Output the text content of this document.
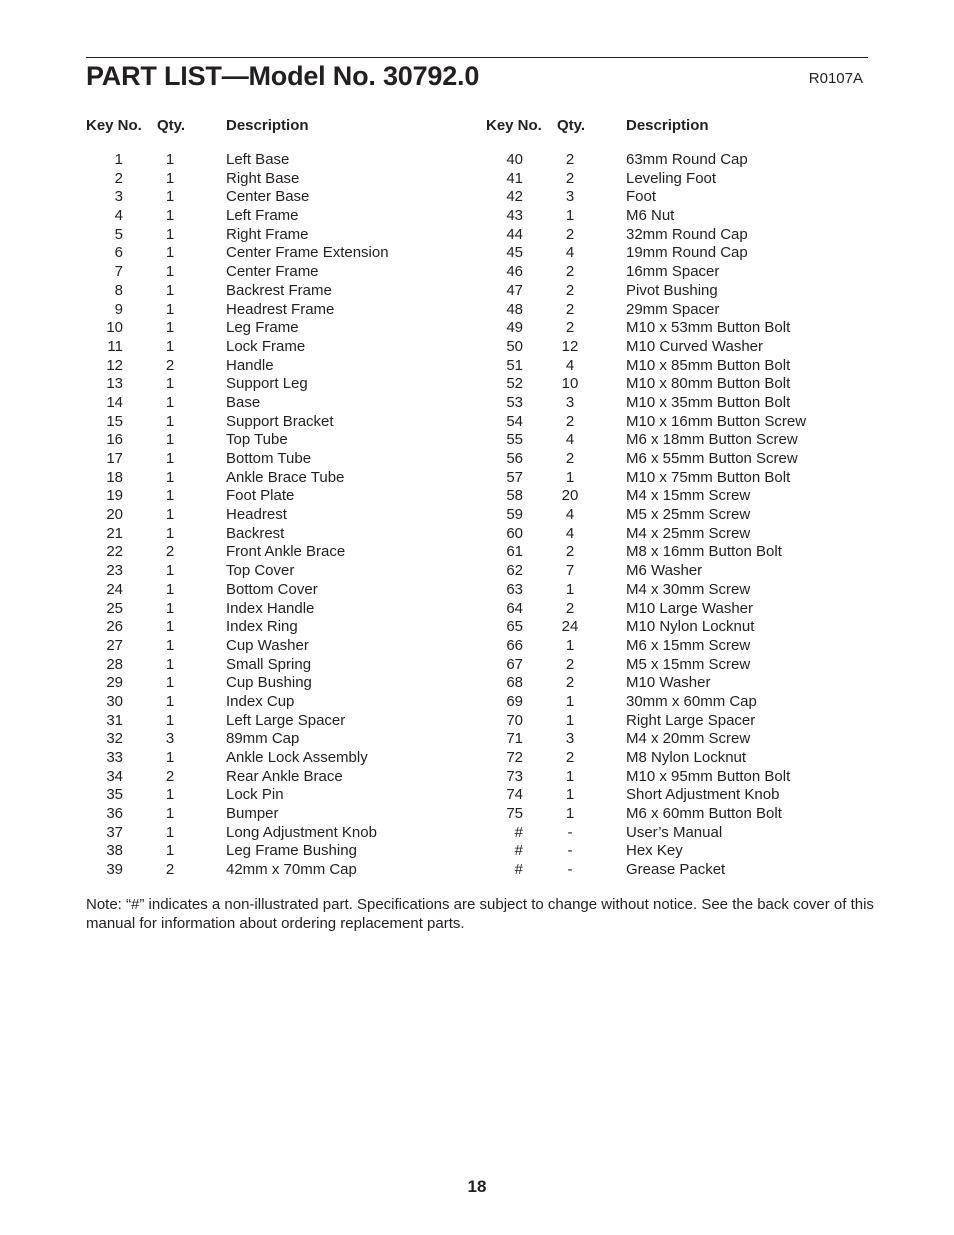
PART LIST—Model No. 30792.0	R0107A
Key No. Qty.	Description
1	1	Left Base
2	1	Right Base
3	1	Center Base
4	1	Left Frame
5	1	Right Frame
6	1	Center Frame Extension
7	1	Center Frame
8	1	Backrest Frame
9	1	Headrest Frame
10	1	Leg Frame
11	1	Lock Frame
12	2	Handle
13	1	Support Leg
14	1	Base
15	1	Support Bracket
16	1	Top Tube
17	1	Bottom Tube
18	1	Ankle Brace Tube
19	1	Foot Plate
20	1	Headrest
21	1	Backrest
22	2	Front Ankle Brace
23	1	Top Cover
24	1	Bottom Cover
25	1	Index Handle
26	1	Index Ring
27	1	Cup Washer
28	1	Small Spring
29	1	Cup Bushing
30	1	Index Cup
31	1	Left Large Spacer
32	3	89mm Cap
33	1	Ankle Lock Assembly
34	2	Rear Ankle Brace
35	1	Lock Pin
36	1	Bumper
37	1	Long Adjustment Knob
38	1	Leg Frame Bushing
39	2	42mm x 70mm Cap
Key No. Qty.	Description
40	2	63mm Round Cap
41	2	Leveling Foot
42	3	Foot
43	1	M6 Nut
44	2	32mm Round Cap
45	4	19mm Round Cap
46	2	16mm Spacer
47	2	Pivot Bushing
48	2	29mm Spacer
49	2	M10 x 53mm Button Bolt
50	12	M10 Curved Washer
51	4	M10 x 85mm Button Bolt
52	10	M10 x 80mm Button Bolt
53	3	M10 x 35mm Button Bolt
54	2	M10 x 16mm Button Screw
55	4	M6 x 18mm Button Screw
56	2	M6 x 55mm Button Screw
57	1	M10 x 75mm Button Bolt
58	20	M4 x 15mm Screw
59	4	M5 x 25mm Screw
60	4	M4 x 25mm Screw
61	2	M8 x 16mm Button Bolt
62	7	M6 Washer
63	1	M4 x 30mm Screw
64	2	M10 Large Washer
65	24	M10 Nylon Locknut
66	1	M6 x 15mm Screw
67	2	M5 x 15mm Screw
68	2	M10 Washer
69	1	30mm x 60mm Cap
70	1	Right Large Spacer
71	3	M4 x 20mm Screw
72	2	M8 Nylon Locknut
73	1	M10 x 95mm Button Bolt
74	1	Short Adjustment Knob
75	1	M6 x 60mm Button Bolt
#	-	User’s Manual
#	-	Hex Key
#	-	Grease Packet
Note: “#” indicates a non-illustrated part. Specifications are subject to change without notice. See the back cover of this manual for information about ordering replacement parts.
18
